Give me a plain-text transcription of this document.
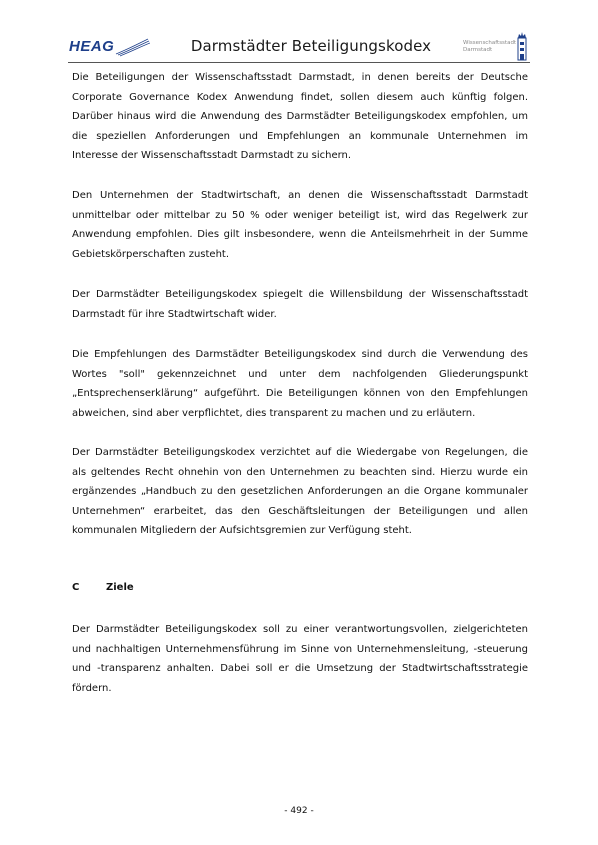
HEAG	Darmstädter Beteiligungskodex	Wissenschaftsstadt
Darmstadt

Die Beteiligungen der Wissenschaftsstadt Darmstadt, in denen bereits der Deutsche Corporate Governance Kodex Anwendung findet, sollen diesem auch künftig folgen. Darüber hinaus wird die Anwendung des Darmstädter Beteiligungskodex empfohlen, um die speziellen Anforderungen und Empfehlungen an kommunale Unternehmen im Interesse der Wissenschaftsstadt Darmstadt zu sichern.

Den Unternehmen der Stadtwirtschaft, an denen die Wissenschaftsstadt Darmstadt unmittelbar oder mittelbar zu 50 % oder weniger beteiligt ist, wird das Regelwerk zur Anwendung empfohlen. Dies gilt insbesondere, wenn die Anteilsmehrheit in der Summe Gebietskörperschaften zusteht.

Der Darmstädter Beteiligungskodex spiegelt die Willensbildung der Wissenschaftsstadt Darmstadt für ihre Stadtwirtschaft wider.

Die Empfehlungen des Darmstädter Beteiligungskodex sind durch die Verwendung des Wortes "soll" gekennzeichnet und unter dem nachfolgenden Gliederungspunkt „Entsprechenserklärung“ aufgeführt. Die Beteiligungen können von den Empfehlungen abweichen, sind aber verpflichtet, dies transparent zu machen und zu erläutern.

Der Darmstädter Beteiligungskodex verzichtet auf die Wiedergabe von Regelungen, die als geltendes Recht ohnehin von den Unternehmen zu beachten sind. Hierzu wurde ein ergänzendes „Handbuch zu den gesetzlichen Anforderungen an die Organe kommunaler Unternehmen“ erarbeitet, das den Geschäftsleitungen der Beteiligungen und allen kommunalen Mitgliedern der Aufsichtsgremien zur Verfügung steht.

C	Ziele

Der Darmstädter Beteiligungskodex soll zu einer verantwortungsvollen, zielgerichteten und nachhaltigen Unternehmensführung im Sinne von Unternehmensleitung, -steuerung und -transparenz anhalten. Dabei soll er die Umsetzung der Stadtwirtschaftsstrategie fördern.

- 492 -
